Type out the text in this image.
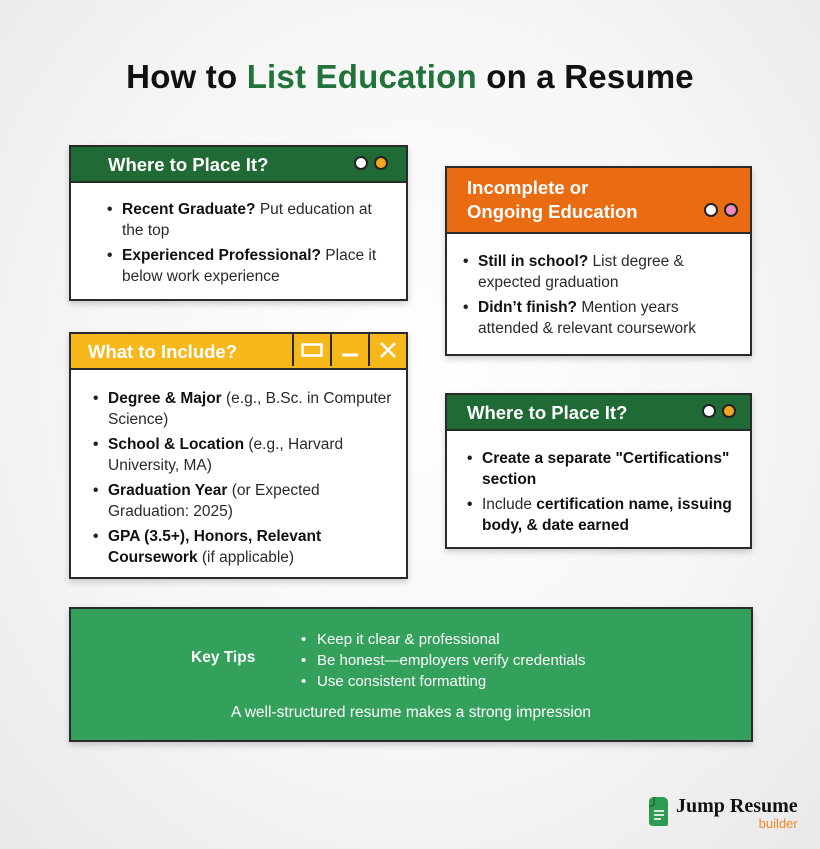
How to List Education on a Resume
Where to Place It?
• Recent Graduate? Put education at the top
• Experienced Professional? Place it below work experience
Incomplete or
Ongoing Education
• Still in school? List degree & expected graduation
• Didn’t finish? Mention years attended & relevant coursework
What to Include?
• Degree & Major (e.g., B.Sc. in Computer Science)
• School & Location (e.g., Harvard University, MA)
• Graduation Year (or Expected Graduation: 2025)
• GPA (3.5+), Honors, Relevant Coursework (if applicable)
Where to Place It?
• Create a separate "Certifications" section
• Include certification name, issuing body, & date earned
Key Tips
• Keep it clear & professional
• Be honest—employers verify credentials
• Use consistent formatting
A well-structured resume makes a strong impression
Jump Resume
builder
